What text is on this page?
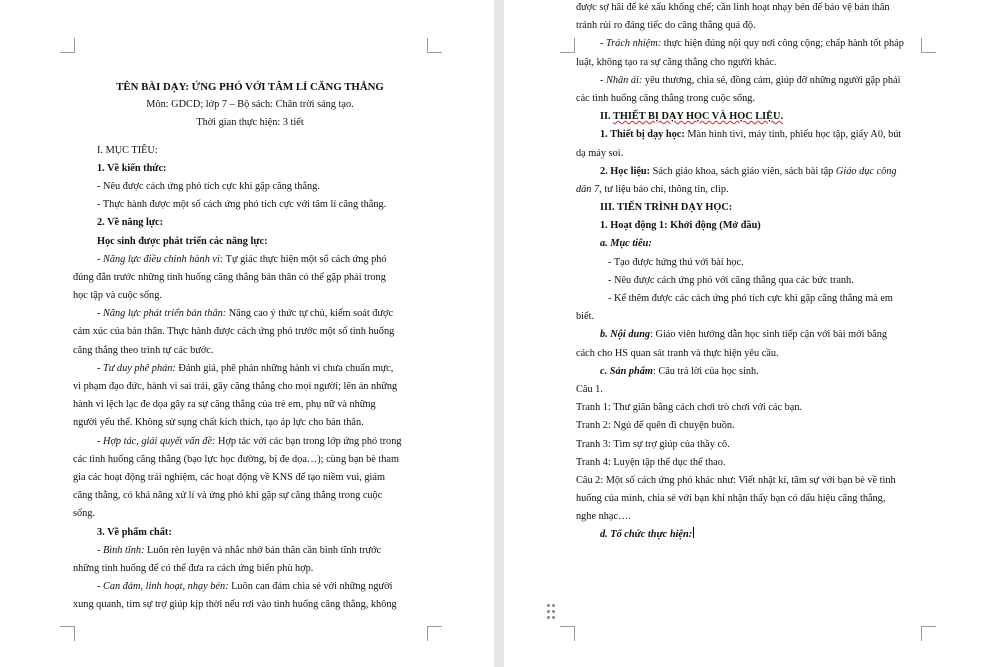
TÊN BÀI DẠY: ỨNG PHÓ VỚI TÂM LÍ CĂNG THẲNG
Môn: GDCD; lớp 7 – Bộ sách: Chân trời sáng tạo.
Thời gian thực hiện: 3 tiết
I. MỤC TIÊU:
1. Về kiến thức:
- Nêu được cách ứng phó tích cực khi gặp căng thẳng.
- Thực hành được một số cách ứng phó tích cực với tâm lí căng thẳng.
2. Về năng lực:
Học sinh được phát triển các năng lực:
- Năng lực điều chỉnh hành vi: Tự giác thực hiện một số cách ứng phó
đúng đắn trước những tình huống căng thẳng bản thân có thể gặp phải trong
học tập và cuộc sống.
- Năng lực phát triển bản thân: Nâng cao ý thức tự chủ, kiểm soát được
cảm xúc của bản thân. Thực hành được cách ứng phó trước một số tình huống
căng thẳng theo trình tự các bước.
- Tư duy phê phán: Đánh giá, phê phán những hành vi chưa chuẩn mực,
vi phạm đạo đức, hành vi sai trái, gây căng thẳng cho mọi người; lên án những
hành vi lệch lạc đe dọa gây ra sự căng thẳng của trẻ em, phụ nữ và những
người yếu thế. Không sử sụng chất kích thích, tạo áp lực cho bản thân.
- Hợp tác, giải quyết vấn đề: Hợp tác với các bạn trong lớp ứng phó trong
các tình huống căng thẳng (bạo lực học đường, bị đe dọa…); cùng bạn bè tham
gia các hoạt động trải nghiệm, các hoạt động về KNS để tạo niềm vui, giảm
căng thẳng, có khả năng xử lí và ứng phó khi gặp sự căng thẳng trong cuộc
sống.
3. Về phẩm chất:
- Bình tĩnh: Luôn rèn luyện và nhắc nhở bản thân cần bình tĩnh trước
những tình huống để có thể đưa ra cách ứng biến phù hợp.
- Can đảm, linh hoạt, nhạy bén: Luôn can đảm chia sẻ với những người
xung quanh, tìm sự trợ giúp kịp thời nếu rơi vào tình huống căng thẳng, không
được sợ hãi để kẻ xấu khống chế; cần linh hoạt nhạy bén để bảo vệ bản thân
tránh rủi ro đáng tiếc do căng thẳng quá độ.
- Trách nhiệm: thực hiện đúng nội quy nơi công cộng; chấp hành tốt pháp
luật, không tạo ra sự căng thẳng cho người khác.
- Nhân ái: yêu thương, chia sẻ, đồng cảm, giúp đỡ những người gặp phải
các tình huống căng thẳng trong cuộc sống.
II. THIẾT BỊ DẠY HỌC VÀ HỌC LIỆU.
1. Thiết bị dạy học: Màn hình tivi, máy tính, phiếu học tập, giấy A0, bút
dạ máy soi.
2. Học liệu: Sách giáo khoa, sách giáo viên, sách bài tập Giáo dục công
dân 7, tư liệu báo chí, thông tin, clip.
III. TIẾN TRÌNH DẠY HỌC:
1. Hoạt động 1: Khởi động (Mở đầu)
a. Mục tiêu:
- Tạo được hứng thú với bài học.
- Nêu được cách ứng phó với căng thẳng qua các bức tranh.
- Kể thêm được các cách ứng phó tích cực khi gặp căng thẳng mà em
biết.
b. Nội dung: Giáo viên hướng dẫn học sinh tiếp cận với bài mới bằng
cách cho HS quan sát tranh và thực hiện yêu cầu.
c. Sản phẩm: Câu trả lời của học sinh.
Câu 1.
Tranh 1: Thư giãn bằng cách chơi trò chơi với các bạn.
Tranh 2: Ngủ để quên đi chuyện buồn.
Tranh 3: Tìm sự trợ giúp của thầy cô.
Tranh 4: Luyện tập thể dục thể thao.
Câu 2: Một số cách ứng phó khác như: Viết nhật kí, tâm sự với bạn bè về tình
huống của mình, chia sẻ với bạn khi nhận thấy bạn có dấu hiệu căng thẳng,
nghe nhạc….
d. Tổ chức thực hiện:
